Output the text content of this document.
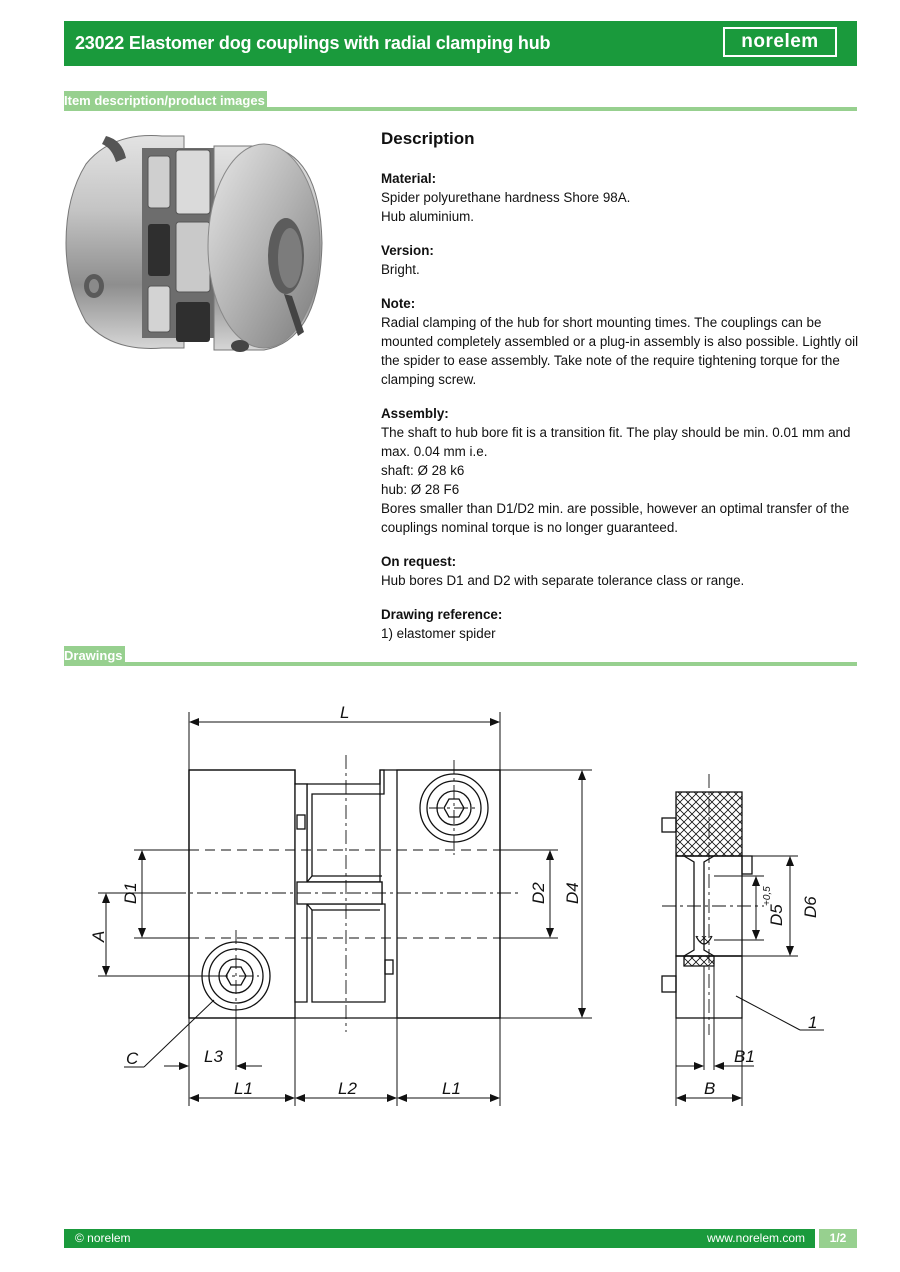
23022 Elastomer dog couplings with radial clamping hub	norelem
Item description/product images
Description
Material:
Spider polyurethane hardness Shore 98A.
Hub aluminium.
Version:
Bright.
Note:
Radial clamping of the hub for short mounting times. The couplings can be mounted completely assembled or a plug-in assembly is also possible. Lightly oil the spider to ease assembly. Take note of the require tightening torque for the clamping screw.
Assembly:
The shaft to hub bore fit is a transition fit. The play should be min. 0.01 mm and max. 0.04 mm i.e.
shaft: Ø 28 k6
hub: Ø 28 F6
Bores smaller than D1/D2 min. are possible, however an optimal transfer of the couplings nominal torque is no longer guaranteed.
On request:
Hub bores D1 and D2 with separate tolerance class or range.
Drawing reference:
1) elastomer spider
Drawings
L
L1	L2	L1
L3
C
B
B1
1
D1
A
D2 D4
D5
+0,5
D6
© norelem	www.norelem.com	1/2
